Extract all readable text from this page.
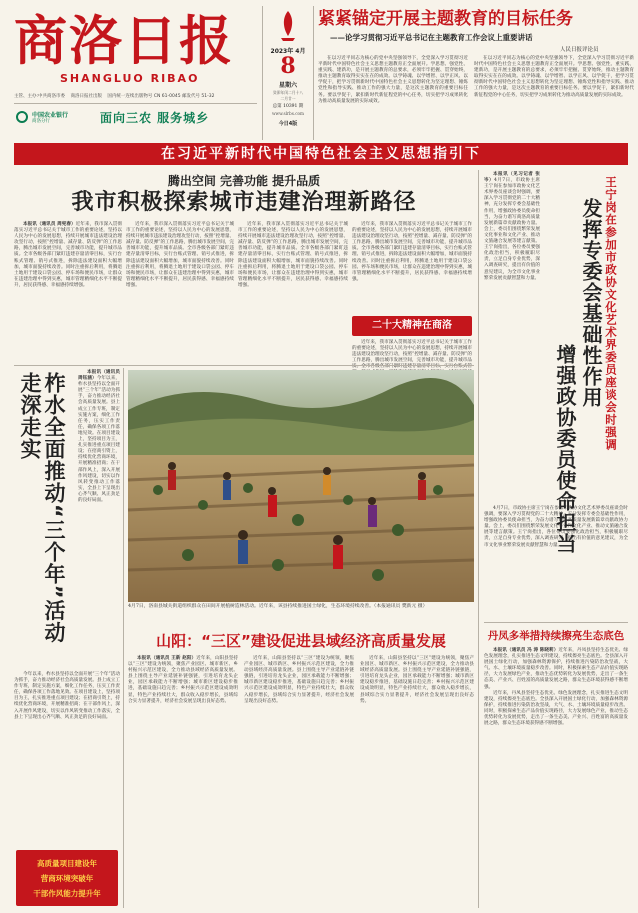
商洛日报
SHANGLUO RIBAO
主管、主办:中共商洛市委 商洛日报社出版 国内统一连续出版物号 CN 61-0045 邮发代号 51-32
中国农业银行
商洛分行	面向三农 服务城乡
2023年 4月
8
星期六
癸卯年闰二月十八
二月廿一
总第 10391 期
www.slrbs.com
今日4版
紧紧锚定开展主题教育的目标任务
——论学习贯彻习近平总书记在主题教育工作会议上重要讲话
人民日报评论员

在以习近平同志为核心的党中央坚强领导下，全党深入学习贯彻习近平新时代中国特色社会主义思想主题教育正全面展开。学思想、强党性、重实践、建新功，是开展主题教育的总要求，必须牢牢把握、贯穿始终，推动主题教育取得实实在在的成效。以学铸魂、以学增智、以学正风、以学促干，把学习贯彻新时代中国特色社会主义思想转化为坚定理想、锤炼党性和指导实践、推动工作的强大力量，是这次主题教育的重要目标任务。要以学促干，紧扣新时代新征程党的中心任务，切实把学习成果转化为推动高质量发展的实际成效。

在以习近平同志为核心的党中央坚强领导下，全党深入学习贯彻习近平新时代中国特色社会主义思想主题教育正全面展开。学思想、强党性、重实践、建新功，是开展主题教育的总要求，必须牢牢把握、贯穿始终，推动主题教育取得实实在在的成效。以学铸魂、以学增智、以学正风、以学促干，把学习贯彻新时代中国特色社会主义思想转化为坚定理想、锤炼党性和指导实践、推动工作的强大力量，是这次主题教育的重要目标任务。要以学促干，紧扣新时代新征程党的中心任务，切实把学习成果转化为推动高质量发展的实际成效。

在习近平新时代中国特色社会主义思想指引下
腾出空间 完善功能 提升品质
我市积极探索城市违建治理新路径

本报讯（通讯员 周宪春）近年来，我市深入贯彻落实习近平总书记关于城市工作的重要论述，坚持以人民为中心的发展思想，持续开展城市违法建设治理攻坚行动，按照“控增量、减存量、防反弹”的工作思路，腾出城市发展空间，完善城市功能，提升城市品质。全市各级各部门紧盯违建存量清零目标，实行台账式管理、销号式推进，拆除违法建设面积大幅增加，城市面貌持续改善。同时注重拆后利用，将腾退土地用于建设口袋公园、停车场和便民市场，让群众在违建治理中得到实惠，城市管理精细化水平不断提升，居民获得感、幸福感持续增强。

近年来，我市深入贯彻落实习近平总书记关于城市工作的重要论述，坚持以人民为中心的发展思想，持续开展城市违法建设治理攻坚行动，按照“控增量、减存量、防反弹”的工作思路，腾出城市发展空间，完善城市功能，提升城市品质。全市各级各部门紧盯违建存量清零目标，实行台账式管理、销号式推进，拆除违法建设面积大幅增加，城市面貌持续改善。同时注重拆后利用，将腾退土地用于建设口袋公园、停车场和便民市场，让群众在违建治理中得到实惠，城市管理精细化水平不断提升，居民获得感、幸福感持续增强。

近年来，我市深入贯彻落实习近平总书记关于城市工作的重要论述，坚持以人民为中心的发展思想，持续开展城市违法建设治理攻坚行动，按照“控增量、减存量、防反弹”的工作思路，腾出城市发展空间，完善城市功能，提升城市品质。全市各级各部门紧盯违建存量清零目标，实行台账式管理、销号式推进，拆除违法建设面积大幅增加，城市面貌持续改善。同时注重拆后利用，将腾退土地用于建设口袋公园、停车场和便民市场，让群众在违建治理中得到实惠，城市管理精细化水平不断提升，居民获得感、幸福感持续增强。

近年来，我市深入贯彻落实习近平总书记关于城市工作的重要论述，坚持以人民为中心的发展思想，持续开展城市违法建设治理攻坚行动，按照“控增量、减存量、防反弹”的工作思路，腾出城市发展空间，完善城市功能，提升城市品质。全市各级各部门紧盯违建存量清零目标，实行台账式管理、销号式推进，拆除违法建设面积大幅增加，城市面貌持续改善。同时注重拆后利用，将腾退土地用于建设口袋公园、停车场和便民市场，让群众在违建治理中得到实惠，城市管理精细化水平不断提升，居民获得感、幸福感持续增强。

二十大精神在商洛

近年来，我市深入贯彻落实习近平总书记关于城市工作的重要论述，坚持以人民为中心的发展思想，持续开展城市违法建设治理攻坚行动，按照“控增量、减存量、防反弹”的工作思路，腾出城市发展空间，完善城市功能，提升城市品质。全市各级各部门紧盯违建存量清零目标，实行台账式管

柞水全面推动“三个年”活动走深走实	本报讯（通讯员 周钰涵）今年以来，柞水县坚持以全面开展“三个年”活动为抓手，奋力推动经济社会高质量发展。县上成立工作专班，制定实施方案，细化工作任务，压实工作责任，确保各项工作落地见效。在项目建设上，坚持项目为王，扎实推进重点项目建设；在招商引资上，持续优化营商环境，开展精准招商；在干部作风上，深入开展作风建设，切实以作风转变推动工作落实，全县上下呈现出心齐气顺、风正劲足的良好局面。

今年以来，柞水县坚持以全面开展“三个年”活动为抓手，奋力推动经济社会高质量发展。县上成立工作专班，制定实施方案，细化工作任务，压实工作责任，确保各项工作落地见效。在项目建设上，坚持项目为王，扎实推进重点项目建设；在招商引资上，持续优化营商环境，开展精准招商；在干部作风上，深入开展作风建设，切实以作风转变推动工作落实，全县上下呈现出心齐气顺、风正劲足的良好局面。

高质量项目建设年
营商环境突破年
干部作风能力提升年
4月7日，洛南县城关街道组织群众在田间开展植树造林活动。近年来，该县持续推进国土绿化，生态环境持续改善。（本报通讯员 樊新元 摄）
山阳：“三区”建设促进县域经济高质量发展

本报讯（通讯员 王新 赵阳）近年来，山阳县坚持以“三区”建设为统领，聚焦产业园区、城市新区、乡村振兴示范区建设，全力推动县域经济高质量发展。县上围绕主导产业延链补链强链，引进培育龙头企业，园区承载能力不断增强；城市新区建设稳步推进，基础设施日趋完善；乡村振兴示范区建设成效明显，特色产业持续壮大，群众收入稳步增长，县域综合实力显著提升，经济社会发展呈现出良好态势。

近年来，山阳县坚持以“三区”建设为统领，聚焦产业园区、城市新区、乡村振兴示范区建设，全力推动县域经济高质量发展。县上围绕主导产业延链补链强链，引进培育龙头企业，园区承载能力不断增强；城市新区建设稳步推进，基础设施日趋完善；乡村振兴示范区建设成效明显，特色产业持续壮大，群众收入稳步增长，县域综合实力显著提升，经济社会发展呈现出良好态势。

近年来，山阳县坚持以“三区”建设为统领，聚焦产业园区、城市新区、乡村振兴示范区建设，全力推动县域经济高质量发展。县上围绕主导产业延链补链强链，引进培育龙头企业，园区承载能力不断增强；城市新区建设稳步推进，基础设施日趋完善；乡村振兴示范区建设成效明显，特色产业持续壮大，群众收入稳步增长，县域综合实力显著提升，经济社会发展呈现出良好态势。

本报讯（见习记者 张 岑）4月7日，市政协主席王宁岗在参加市政协文化艺术界委员座谈会时强调，要深入学习贯彻党的二十大精神，充分发挥专委会基础性作用，增强政协委员使命担当，为奋力谱写商洛高质量发展新篇章贡献政协力量。会上，委员们围绕繁荣发展文化事业和文化产业、推动文旅融合发展等建言献策。王宁岗指出，各位委员要强化政治担当，积极履职尽责，立足自身专业优势，深入调查研究，提出有价值的意见建议，为全市文化事业繁荣发展贡献智慧和力量。	王宁岗在参加市政协文化艺术界委员座谈会时强调
发挥专委会基础性作用
增强政协委员使命担当

4月7日，市政协主席王宁岗在参加市政协文化艺术界委员座谈会时强调，要深入学习贯彻党的二十大精神，充分发挥专委会基础性作用，增强政协委员使命担当，为奋力谱写商洛高质量发展新篇章贡献政协力量。会上，委员们围绕繁荣发展文化事业和文化产业、推动文旅融合发展等建言献策。王宁岗指出，各位委员要强化政治担当，积极履职尽责，立足自身专业优势，深入调查研究，提出有价值的意见建议，为全市文化事业繁荣发展贡献智慧和力量。

丹凤多举措持续擦亮生态底色

本报讯（通讯员 冯 涛 陈晓莉）近年来，丹凤县坚持生态优先、绿色发展理念，扎实推进生态文明建设，持续擦亮生态底色。全县深入开展国土绿化行动，加强森林资源保护，持续推进污染防治攻坚战，大气、水、土壤环境质量稳步改善。同时，积极探索生态产品价值实现路径，大力发展绿色产业，推动生态优势转化为发展优势，走出了一条生态美、产业兴、百姓富的高质量发展之路，群众生态环境获得感不断增强。

近年来，丹凤县坚持生态优先、绿色发展理念，扎实推进生态文明建设，持续擦亮生态底色。全县深入开展国土绿化行动，加强森林资源保护，持续推进污染防治攻坚战，大气、水、土壤环境质量稳步改善。同时，积极探索生态产品价值实现路径，大力发展绿色产业，推动生态优势转化为发展优势，走出了一条生态美、产业兴、百姓富的高质量发展之路，群众生态环境获得感不断增强。
